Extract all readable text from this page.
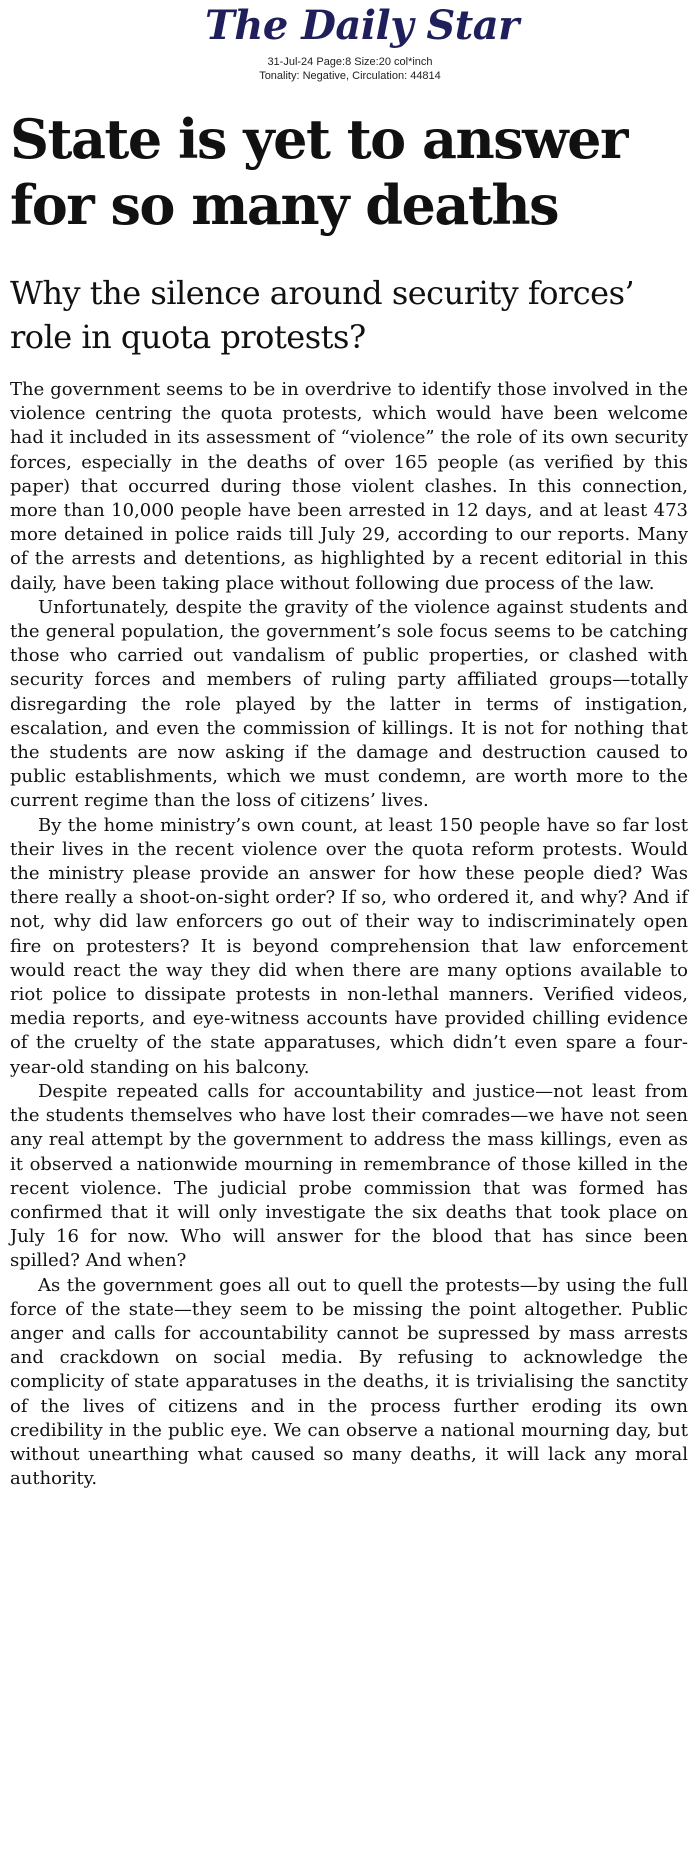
The Daily Star
31-Jul-24 Page:8 Size:20 col*inch
Tonality: Negative, Circulation: 44814
State is yet to answer for so many deaths
Why the silence around security forces’ role in quota protests?

The government seems to be in overdrive to identify those involved in the violence centring the quota protests, which would have been welcome had it included in its assessment of “violence” the role of its own security forces, especially in the deaths of over 165 people (as verified by this paper) that occurred during those violent clashes. In this connection, more than 10,000 people have been arrested in 12 days, and at least 473 more detained in police raids till July 29, according to our reports. Many of the arrests and detentions, as highlighted by a recent editorial in this daily, have been taking place without following due process of the law.

Unfortunately, despite the gravity of the violence against students and the general population, the government’s sole focus seems to be catching those who carried out vandalism of public properties, or clashed with security forces and members of ruling party affiliated groups—totally disregarding the role played by the latter in terms of instigation, escalation, and even the commission of killings. It is not for nothing that the students are now asking if the damage and destruction caused to public establishments, which we must condemn, are worth more to the current regime than the loss of citizens’ lives.

By the home ministry’s own count, at least 150 people have so far lost their lives in the recent violence over the quota reform protests. Would the ministry please provide an answer for how these people died? Was there really a shoot-on-sight order? If so, who ordered it, and why? And if not, why did law enforcers go out of their way to indiscriminately open fire on protesters? It is beyond comprehension that law enforcement would react the way they did when there are many options available to riot police to dissipate protests in non-lethal manners. Verified videos, media reports, and eye-witness accounts have provided chilling evidence of the cruelty of the state apparatuses, which didn’t even spare a four-year-old standing on his balcony.

Despite repeated calls for accountability and justice—not least from the students themselves who have lost their comrades—we have not seen any real attempt by the government to address the mass killings, even as it observed a nationwide mourning in remembrance of those killed in the recent violence. The judicial probe commission that was formed has confirmed that it will only investigate the six deaths that took place on July 16 for now. Who will answer for the blood that has since been spilled? And when?

As the government goes all out to quell the protests—by using the full force of the state—they seem to be missing the point altogether. Public anger and calls for accountability cannot be supressed by mass arrests and crackdown on social media. By refusing to acknowledge the complicity of state apparatuses in the deaths, it is trivialising the sanctity of the lives of citizens and in the process further eroding its own credibility in the public eye. We can observe a national mourning day, but without unearthing what caused so many deaths, it will lack any moral authority.
